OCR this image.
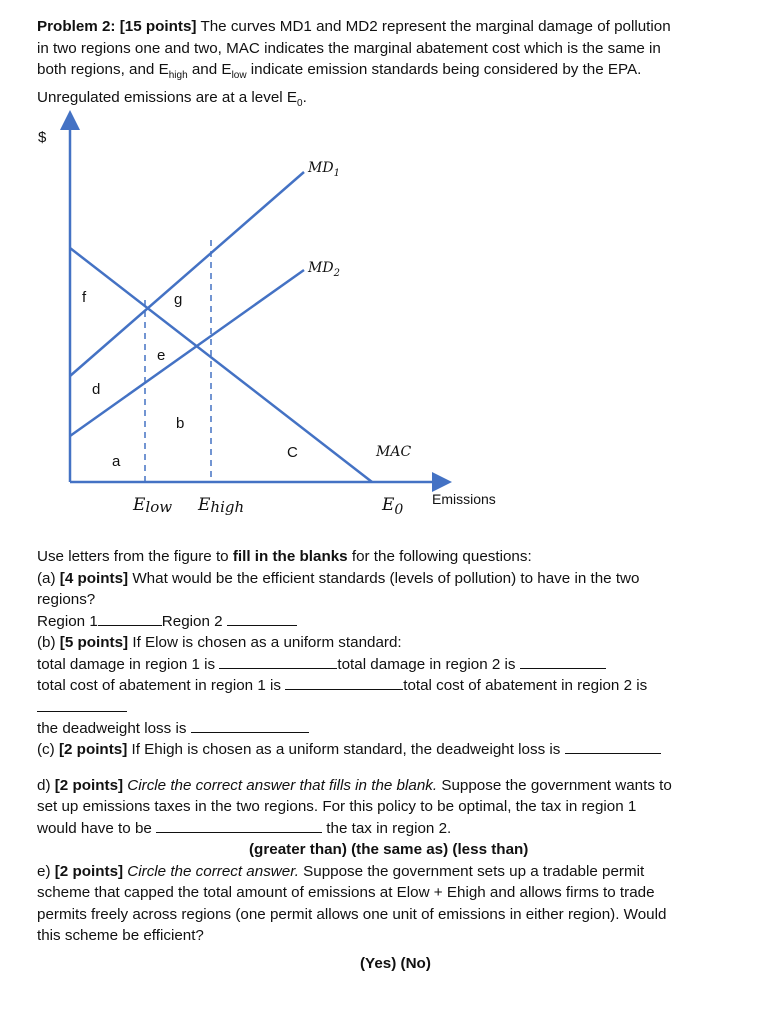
Problem 2: [15 points] The curves MD1 and MD2 represent the marginal damage of pollution
in two regions one and two, MAC indicates the marginal abatement cost which is the same in
both regions, and $E_{high}$ and $E_{low}$ indicate emission standards being considered by the EPA.
Unregulated emissions are at a level $E_0$.
$
$MD_1$
$MD_2$
MAC
f	g
e
d
b
a
C
Elow Ehigh	$E_0$
Emissions
Use letters from the figure to fill in the blanks for the following questions:
(a) [4 points] What would be the efficient standards (levels of pollution) to have in the two
regions?
Region 1	Region 2
(b) [5 points] If Elow is chosen as a uniform standard:
total damage in region 1 is	total damage in region 2 is
total cost of abatement in region 1 is	total cost of abatement in region 2 is
the deadweight loss is
(c) [2 points] If Ehigh is chosen as a uniform standard, the deadweight loss is
d) [2 points] Circle the correct answer that fills in the blank. Suppose the government wants to
set up emissions taxes in the two regions. For this policy to be optimal, the tax in region 1
would have to be	the tax in region 2.
(greater than) (the same as) (less than)
e) [2 points] Circle the correct answer. Suppose the government sets up a tradable permit
scheme that capped the total amount of emissions at Elow + Ehigh and allows firms to trade
permits freely across regions (one permit allows one unit of emissions in either region). Would
this scheme be efficient?
(Yes) (No)
